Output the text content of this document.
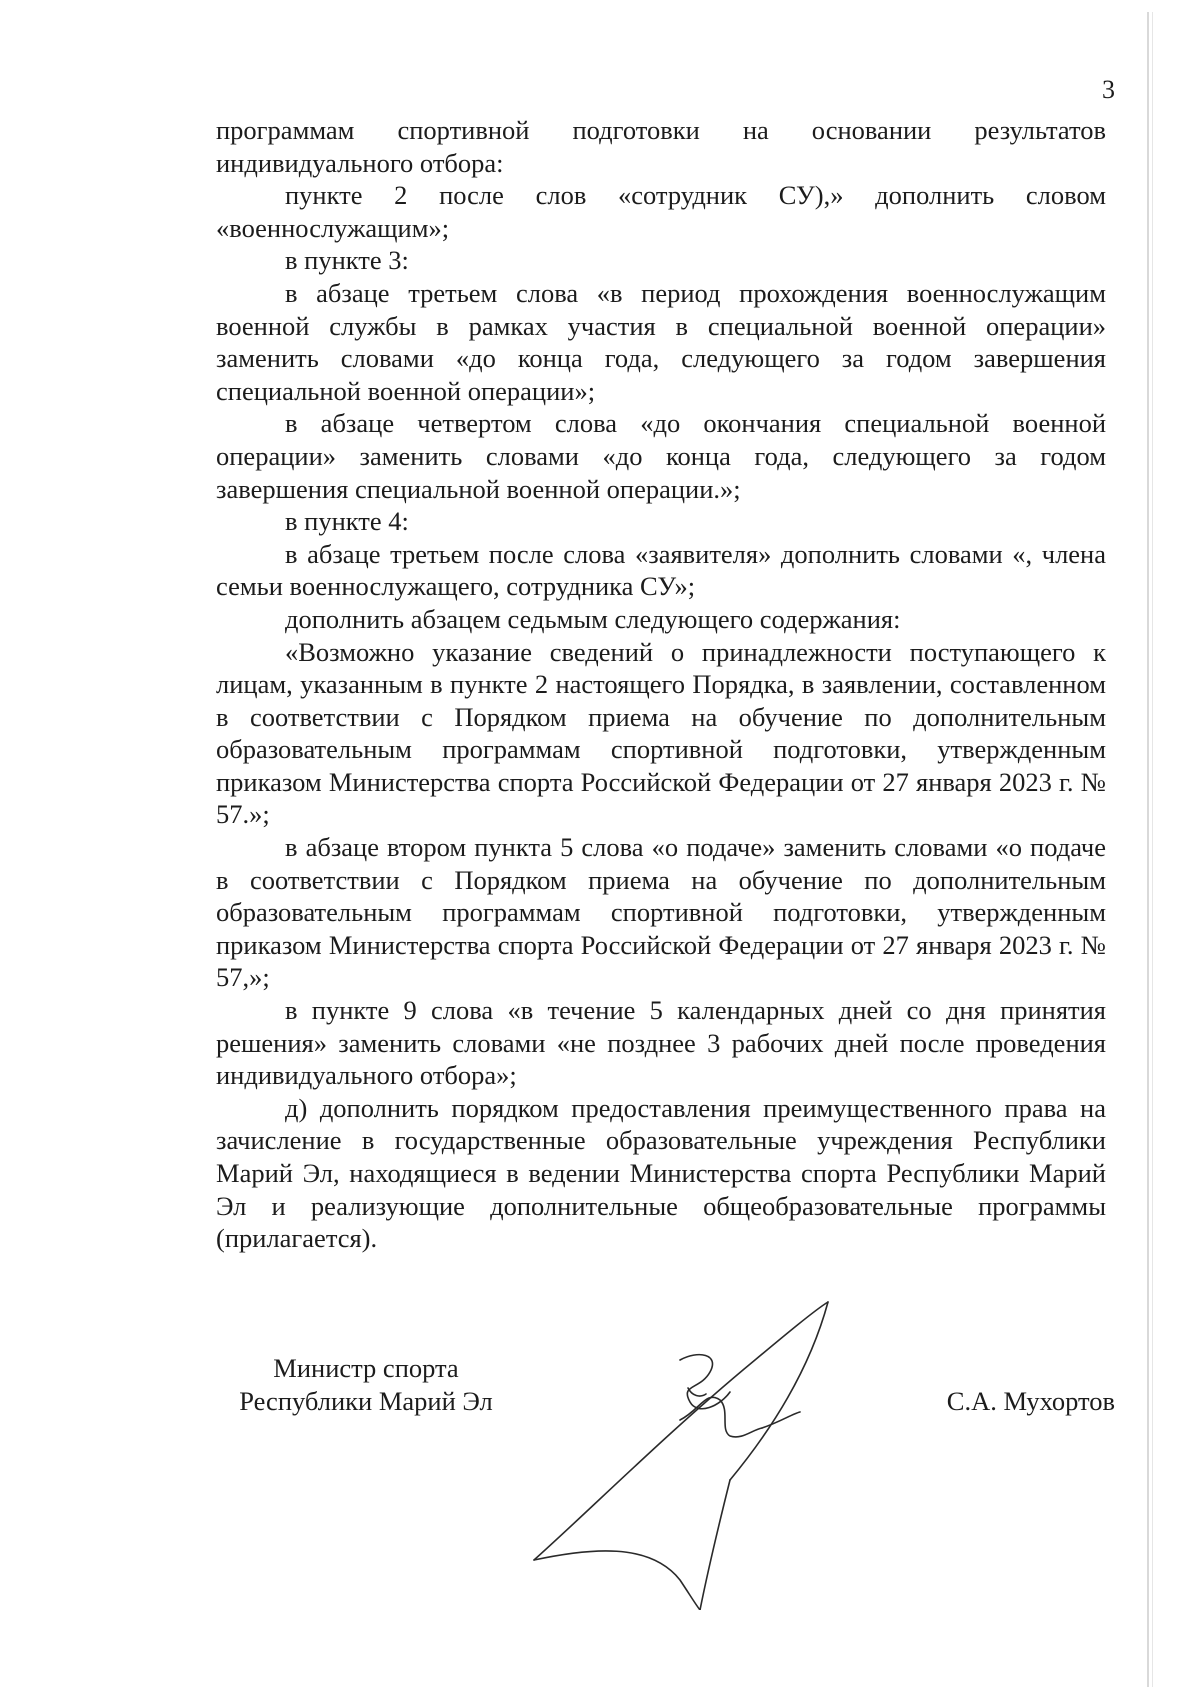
3

программам спортивной подготовки на основании результатов индивидуального отбора:

пункте 2 после слов «сотрудник СУ),» дополнить словом «военнослужащим»;

в пункте 3:

в абзаце третьем слова «в период прохождения военнослужащим военной службы в рамках участия в специальной военной операции» заменить словами «до конца года, следующего за годом завершения специальной военной операции»;

в абзаце четвертом слова «до окончания специальной военной операции» заменить словами «до конца года, следующего за годом завершения специальной военной операции.»;

в пункте 4:

в абзаце третьем после слова «заявителя» дополнить словами «, члена семьи военнослужащего, сотрудника СУ»;

дополнить абзацем седьмым следующего содержания:

«Возможно указание сведений о принадлежности поступающего к лицам, указанным в пункте 2 настоящего Порядка, в заявлении, составленном в соответствии с Порядком приема на обучение по дополнительным образовательным программам спортивной подготовки, утвержденным приказом Министерства спорта Российской Федерации от 27 января 2023 г. № 57.»;

в абзаце втором пункта 5 слова «о подаче» заменить словами «о подаче в соответствии с Порядком приема на обучение по дополнительным образовательным программам спортивной подготовки, утвержденным приказом Министерства спорта Российской Федерации от 27 января 2023 г. № 57,»;

в пункте 9 слова «в течение 5 календарных дней со дня принятия решения» заменить словами «не позднее 3 рабочих дней после проведения индивидуального отбора»;

д) дополнить порядком предоставления преимущественного права на зачисление в государственные образовательные учреждения Республики Марий Эл, находящиеся в ведении Министерства спорта Республики Марий Эл и реализующие дополнительные общеобразовательные программы (прилагается).

Министр спорта
Республики Марий Эл	С.А. Мухортов
